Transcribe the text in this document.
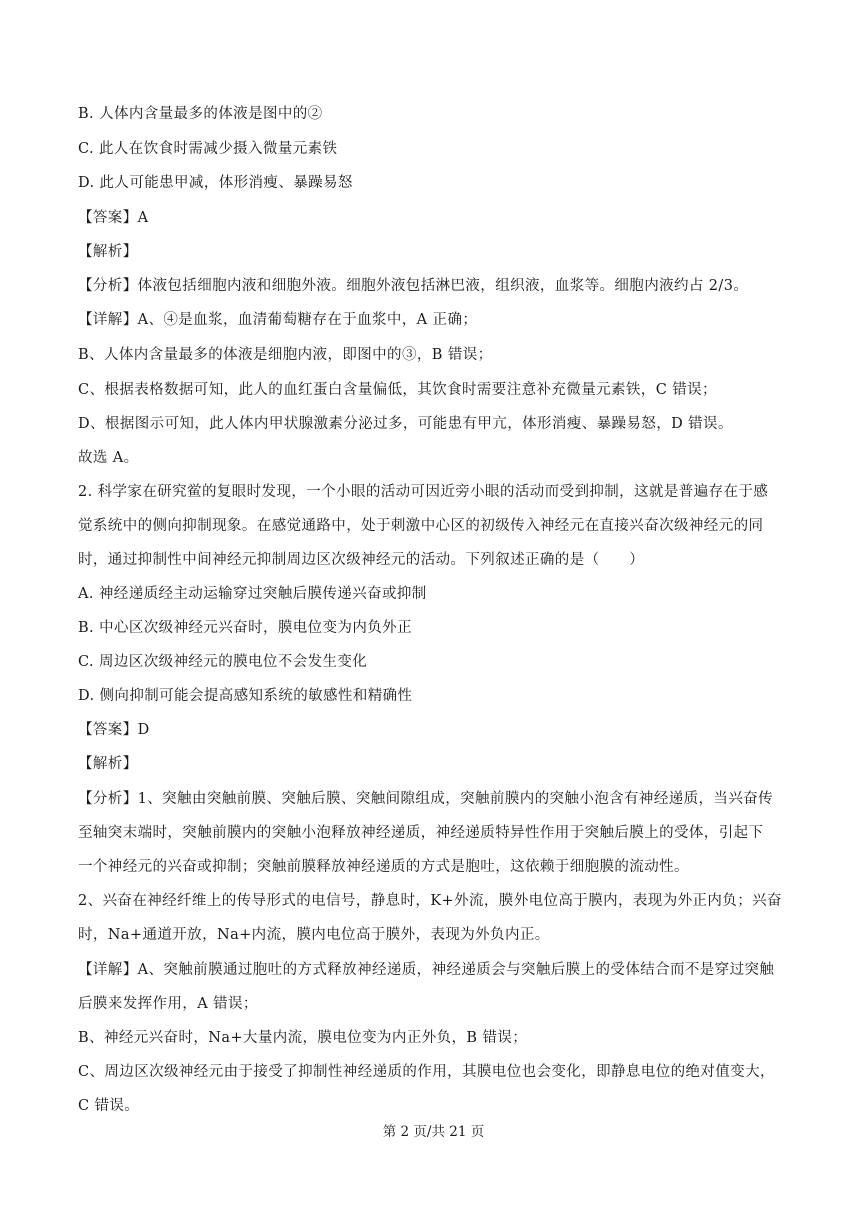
B. 人体内含量最多的体液是图中的②
C. 此人在饮食时需减少摄入微量元素铁
D. 此人可能患甲减，体形消瘦、暴躁易怒
【答案】A
【解析】
【分析】体液包括细胞内液和细胞外液。细胞外液包括淋巴液，组织液，血浆等。细胞内液约占 2/3。
【详解】A、④是血浆，血清葡萄糖存在于血浆中，A 正确；
B、人体内含量最多的体液是细胞内液，即图中的③，B 错误；
C、根据表格数据可知，此人的血红蛋白含量偏低，其饮食时需要注意补充微量元素铁，C 错误；
D、根据图示可知，此人体内甲状腺激素分泌过多，可能患有甲亢，体形消瘦、暴躁易怒，D 错误。
故选 A。
2. 科学家在研究鲎的复眼时发现，一个小眼的活动可因近旁小眼的活动而受到抑制，这就是普遍存在于感
觉系统中的侧向抑制现象。在感觉通路中，处于刺激中心区的初级传入神经元在直接兴奋次级神经元的同
时，通过抑制性中间神经元抑制周边区次级神经元的活动。下列叙述正确的是（　　）
A. 神经递质经主动运输穿过突触后膜传递兴奋或抑制
B. 中心区次级神经元兴奋时，膜电位变为内负外正
C. 周边区次级神经元的膜电位不会发生变化
D. 侧向抑制可能会提高感知系统的敏感性和精确性
【答案】D
【解析】
【分析】1、突触由突触前膜、突触后膜、突触间隙组成，突触前膜内的突触小泡含有神经递质，当兴奋传
至轴突末端时，突触前膜内的突触小泡释放神经递质，神经递质特异性作用于突触后膜上的受体，引起下
一个神经元的兴奋或抑制；突触前膜释放神经递质的方式是胞吐，这依赖于细胞膜的流动性。
2、兴奋在神经纤维上的传导形式的电信号，静息时，K+外流，膜外电位高于膜内，表现为外正内负；兴奋
时，Na+通道开放，Na+内流，膜内电位高于膜外，表现为外负内正。
【详解】A、突触前膜通过胞吐的方式释放神经递质，神经递质会与突触后膜上的受体结合而不是穿过突触
后膜来发挥作用，A 错误；
B、神经元兴奋时，Na+大量内流，膜电位变为内正外负，B 错误；
C、周边区次级神经元由于接受了抑制性神经递质的作用，其膜电位也会变化，即静息电位的绝对值变大，
C 错误。
第 2 页/共 21 页
